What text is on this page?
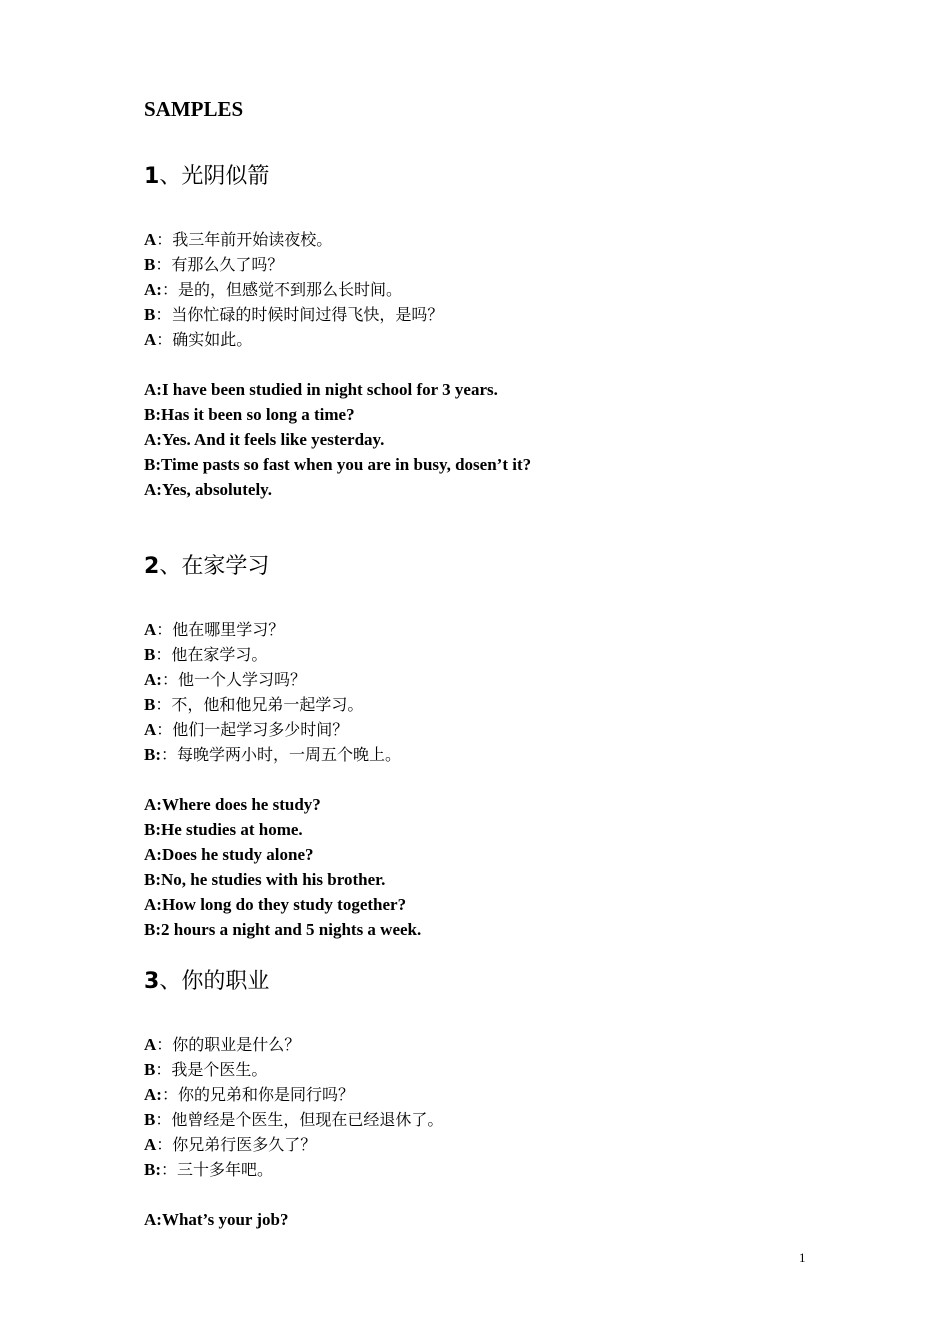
SAMPLES
1、光阴似箭
A：我三年前开始读夜校。
B：有那么久了吗？
A:：是的，但感觉不到那么长时间。
B：当你忙碌的时候时间过得飞快，是吗？
A：确实如此。
A:I have been studied in night school for 3 years.
B:Has it been so long a time?
A:Yes. And it feels like yesterday.
B:Time pasts so fast when you are in busy, dosen’t it?
A:Yes, absolutely.
2、在家学习
A：他在哪里学习？
B：他在家学习。
A:：他一个人学习吗？
B：不，他和他兄弟一起学习。
A：他们一起学习多少时间？
B:：每晚学两小时，一周五个晚上。
A:Where does he study?
B:He studies at home.
A:Does he study alone?
B:No, he studies with his brother.
A:How long do they study together?
B:2 hours a night and 5 nights a week.
3、你的职业
A：你的职业是什么？
B：我是个医生。
A:：你的兄弟和你是同行吗？
B：他曾经是个医生，但现在已经退休了。
A：你兄弟行医多久了？
B:：三十多年吧。
A:What’s your job?
1
